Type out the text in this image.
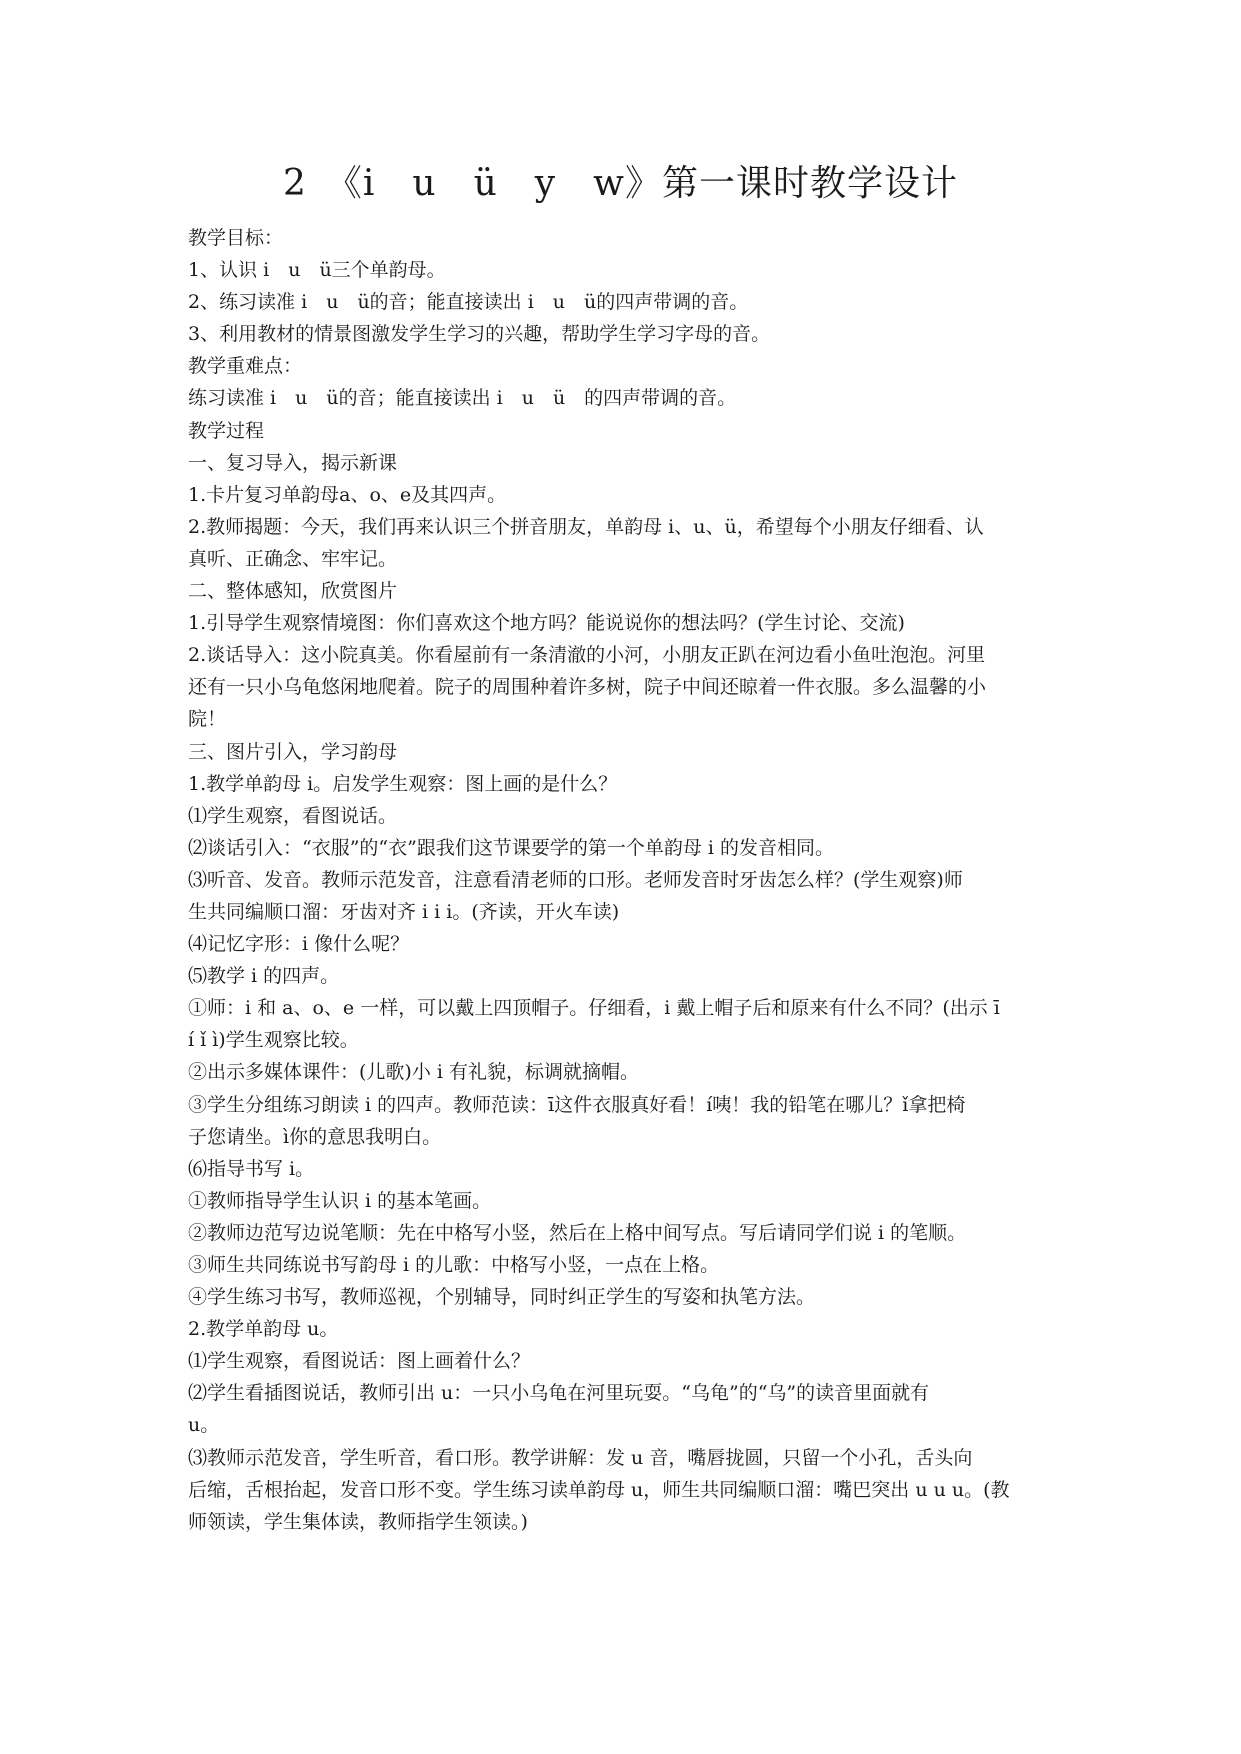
2　《i　u　ü　y　w》第一课时教学设计

教学目标：

1、认识 i　u　ü三个单韵母。

2、练习读准 i　u　ü的音；能直接读出 i　u　ü的四声带调的音。

3、利用教材的情景图激发学生学习的兴趣，帮助学生学习字母的音。

教学重难点：

练习读准 i　u　ü的音；能直接读出 i　u　ü　的四声带调的音。

教学过程

一、复习导入，揭示新课

1.卡片复习单韵母a、o、e及其四声。

2.教师揭题：今天，我们再来认识三个拼音朋友，单韵母 i、u、ü，希望每个小朋友仔细看、认

真听、正确念、牢牢记。

二、整体感知，欣赏图片

1.引导学生观察情境图：你们喜欢这个地方吗？能说说你的想法吗？(学生讨论、交流)

2.谈话导入：这小院真美。你看屋前有一条清澈的小河，小朋友正趴在河边看小鱼吐泡泡。河里

还有一只小乌龟悠闲地爬着。院子的周围种着许多树，院子中间还晾着一件衣服。多么温馨的小

院！

三、图片引入，学习韵母

1.教学单韵母 i。启发学生观察：图上画的是什么？

⑴学生观察，看图说话。

⑵谈话引入：“衣服”的“衣”跟我们这节课要学的第一个单韵母 i 的发音相同。

⑶听音、发音。教师示范发音，注意看清老师的口形。老师发音时牙齿怎么样？(学生观察)师

生共同编顺口溜：牙齿对齐 i i i。(齐读，开火车读)

⑷记忆字形：i 像什么呢？

⑸教学 i 的四声。

①师：i 和 a、o、e 一样，可以戴上四顶帽子。仔细看，i 戴上帽子后和原来有什么不同？(出示 ī

í ǐ ì)学生观察比较。

②出示多媒体课件：(儿歌)小 i 有礼貌，标调就摘帽。

③学生分组练习朗读 i 的四声。教师范读：ī这件衣服真好看！í咦！我的铅笔在哪儿？ǐ拿把椅

子您请坐。ì你的意思我明白。

⑹指导书写 i。

①教师指导学生认识 i 的基本笔画。

②教师边范写边说笔顺：先在中格写小竖，然后在上格中间写点。写后请同学们说 i 的笔顺。

③师生共同练说书写韵母 i 的儿歌：中格写小竖，一点在上格。

④学生练习书写，教师巡视，个别辅导，同时纠正学生的写姿和执笔方法。

2.教学单韵母 u。

⑴学生观察，看图说话：图上画着什么？

⑵学生看插图说话，教师引出 u：一只小乌龟在河里玩耍。“乌龟”的“乌”的读音里面就有

u。

⑶教师示范发音，学生听音，看口形。教学讲解：发 u 音，嘴唇拢圆，只留一个小孔，舌头向

后缩，舌根抬起，发音口形不变。学生练习读单韵母 u，师生共同编顺口溜：嘴巴突出 u u u。(教

师领读，学生集体读，教师指学生领读。)
